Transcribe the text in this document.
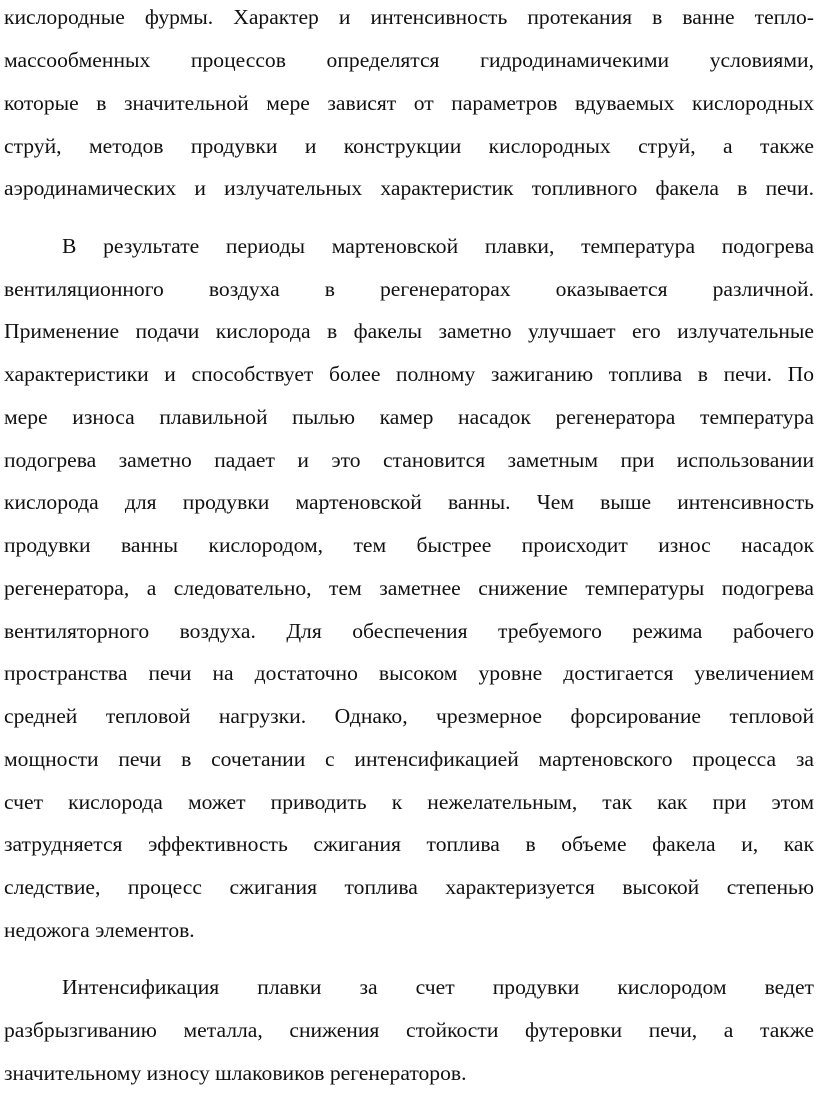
кислородные фурмы. Характер и интенсивность протекания в ванне тепло-
массообменных процессов определятся гидродинамичекими условиями,
которые в значительной мере зависят от параметров вдуваемых кислородных
струй, методов продувки и конструкции кислородных струй, а также
аэродинамических и излучательных характеристик топливного факела в печи.
В результате периоды мартеновской плавки, температура подогрева
вентиляционного воздуха в регенераторах оказывается различной.
Применение подачи кислорода в факелы заметно улучшает его излучательные
характеристики и способствует более полному зажиганию топлива в печи. По
мере износа плавильной пылью камер насадок регенератора температура
подогрева заметно падает и это становится заметным при использовании
кислорода для продувки мартеновской ванны. Чем выше интенсивность
продувки ванны кислородом, тем быстрее происходит износ насадок
регенератора, а следовательно, тем заметнее снижение температуры подогрева
вентиляторного воздуха. Для обеспечения требуемого режима рабочего
пространства печи на достаточно высоком уровне достигается увеличением
средней тепловой нагрузки. Однако, чрезмерное форсирование тепловой
мощности печи в сочетании с интенсификацией мартеновского процесса за
счет кислорода может приводить к нежелательным, так как при этом
затрудняется эффективность сжигания топлива в объеме факела и, как
следствие, процесс сжигания топлива характеризуется высокой степенью
недожога элементов.
Интенсификация плавки за счет продувки кислородом ведет
разбрызгиванию металла, снижения стойкости футеровки печи, а также
значительному износу шлаковиков регенераторов.
